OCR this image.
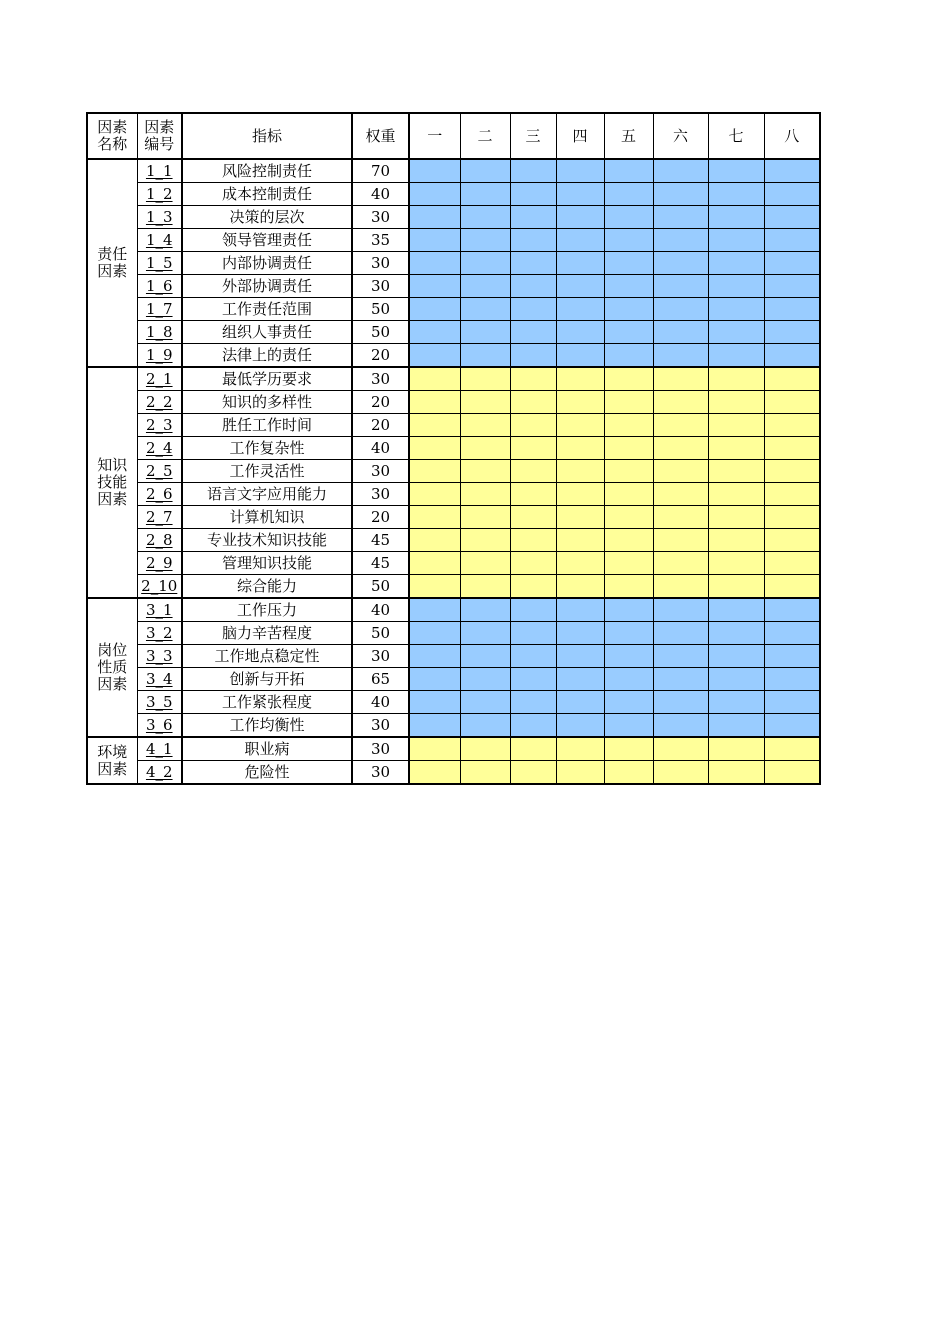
因素名称	因素编号	指标	权重	一	二	三	四	五	六	七	八
责任因素	1_1	风险控制责任	70								
	1_2	成本控制责任	40								
	1_3	决策的层次	30								
	1_4	领导管理责任	35								
	1_5	内部协调责任	30								
	1_6	外部协调责任	30								
	1_7	工作责任范围	50								
	1_8	组织人事责任	50								
	1_9	法律上的责任	20								
知识技能因素	2_1	最低学历要求	30								
	2_2	知识的多样性	20								
	2_3	胜任工作时间	20								
	2_4	工作复杂性	40								
	2_5	工作灵活性	30								
	2_6	语言文字应用能力	30								
	2_7	计算机知识	20								
	2_8	专业技术知识技能	45								
	2_9	管理知识技能	45								
	2_10	综合能力	50								
岗位性质因素	3_1	工作压力	40								
	3_2	脑力辛苦程度	50								
	3_3	工作地点稳定性	30								
	3_4	创新与开拓	65								
	3_5	工作紧张程度	40								
	3_6	工作均衡性	30								
环境因素	4_1	职业病	30								
	4_2	危险性	30								
